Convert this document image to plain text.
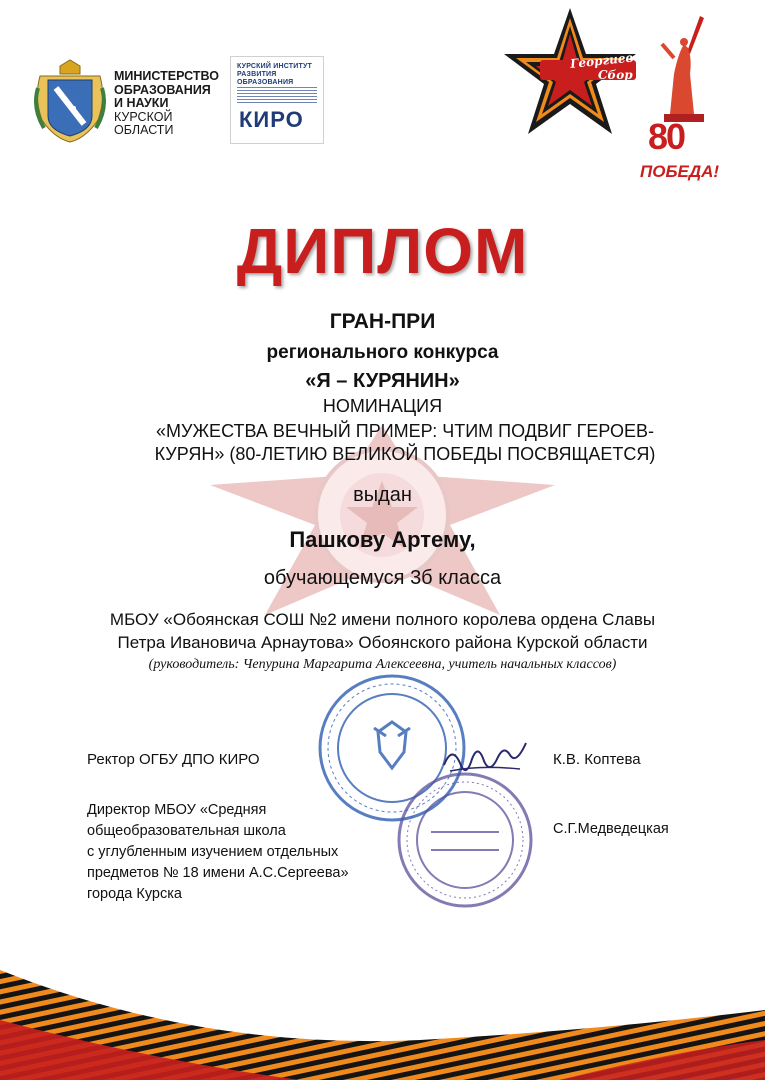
МИНИСТЕРСТВО
ОБРАЗОВАНИЯ
И НАУКИ
КУРСКОЙ
ОБЛАСТИ
КУРСКИЙ ИНСТИТУТ
РАЗВИТИЯ ОБРАЗОВАНИЯ
КИРО
Георгиевский
Сбор
80
ПОБЕДА!
ДИПЛОМ
ГРАН-ПРИ
регионального конкурса
«Я – КУРЯНИН»
НОМИНАЦИЯ
«МУЖЕСТВА ВЕЧНЫЙ ПРИМЕР: ЧТИМ ПОДВИГ ГЕРОЕВ-
КУРЯН» (80-ЛЕТИЮ ВЕЛИКОЙ ПОБЕДЫ ПОСВЯЩАЕТСЯ)
выдан
Пашкову Артему,
обучающемуся 3б класса
МБОУ «Обоянская СОШ №2 имени полного королева ордена Славы
Петра Ивановича Арнаутова» Обоянского района Курской области
(руководитель: Чепурина Маргарита Алексеевна, учитель начальных классов)
Ректор ОГБУ ДПО КИРО	К.В. Коптева
Директор МБОУ «Средняя
общеобразовательная школа
с углубленным изучением отдельных
предметов № 18 имени А.С.Сергеева»
города Курска
С.Г.Медведецкая
